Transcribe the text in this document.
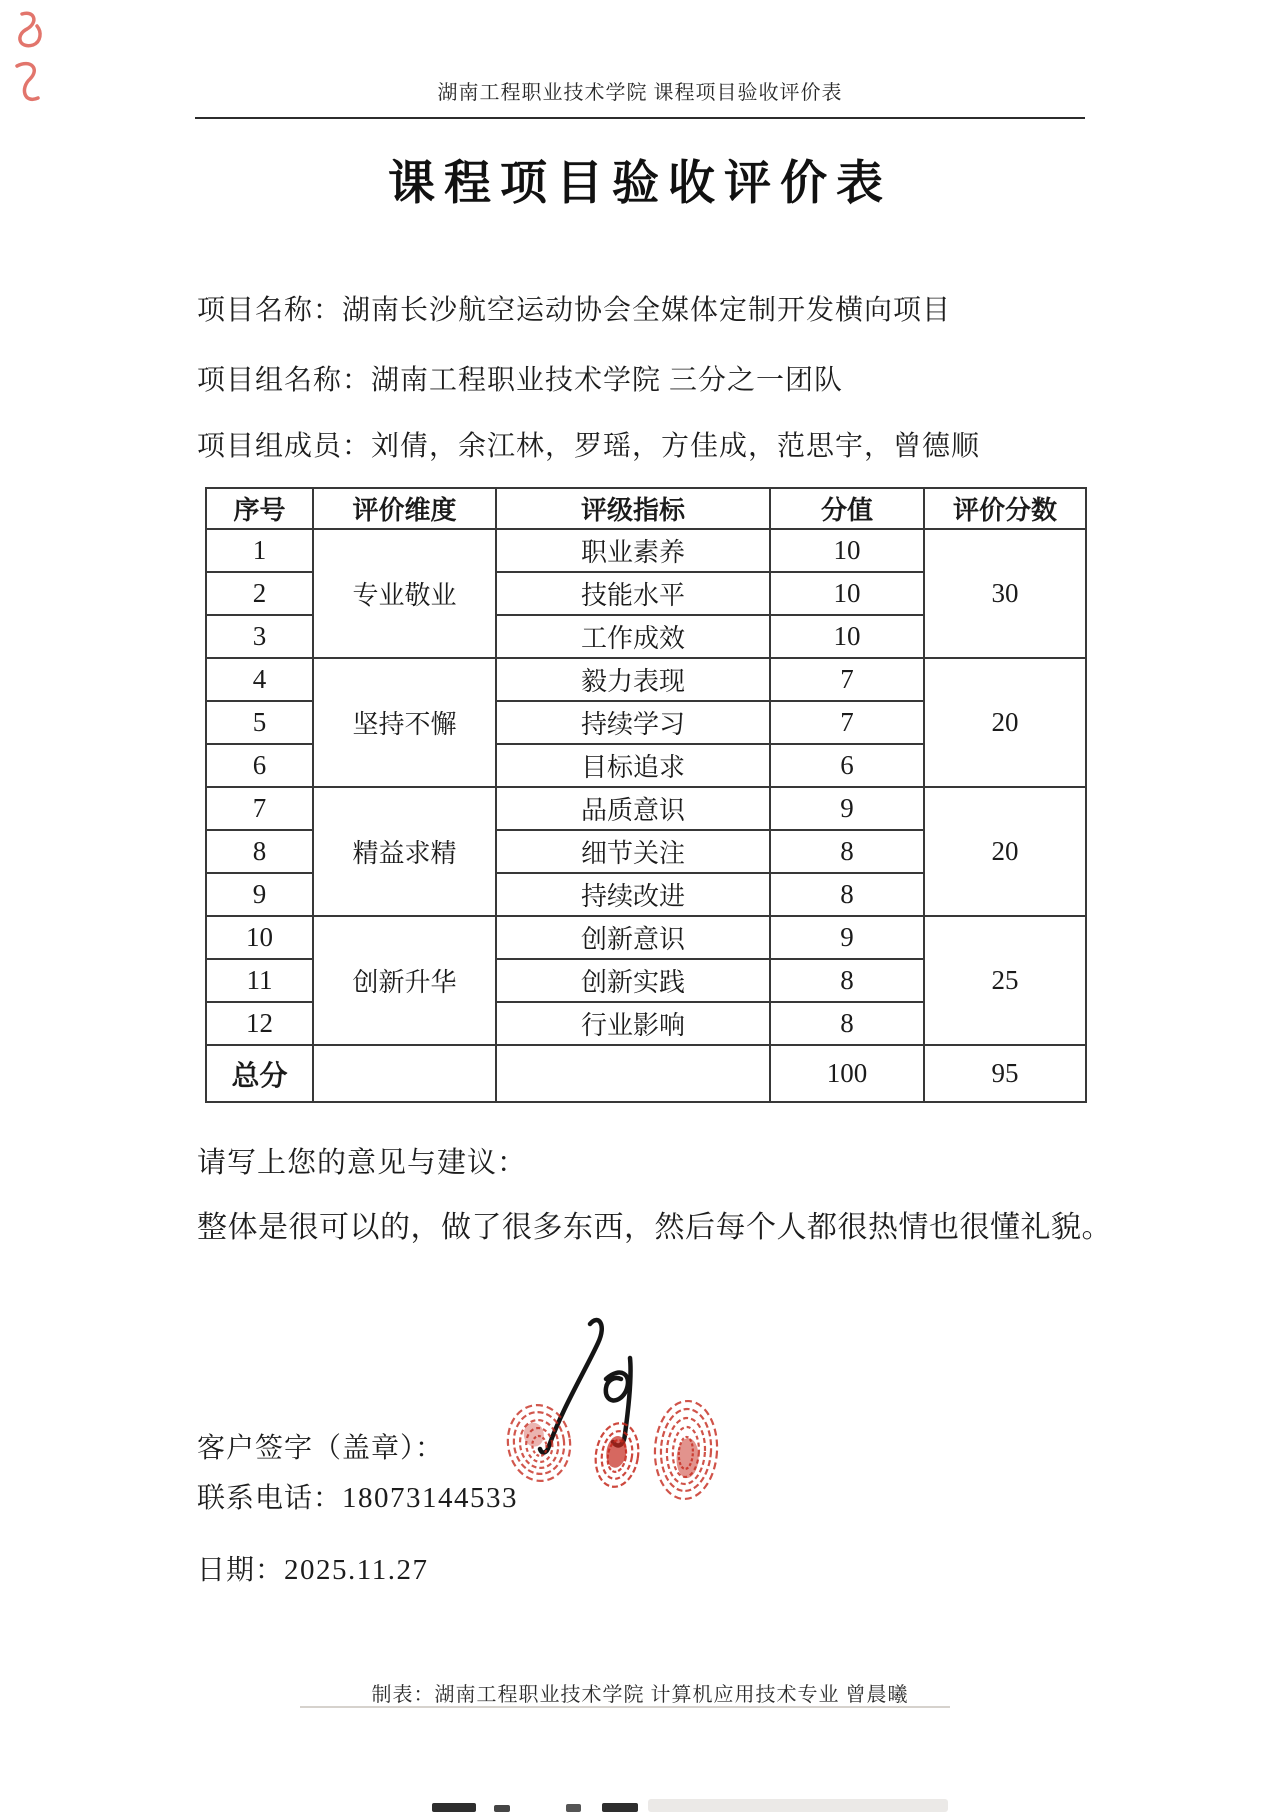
湖南工程职业技术学院 课程项目验收评价表
课程项目验收评价表
项目名称：湖南长沙航空运动协会全媒体定制开发横向项目
项目组名称：湖南工程职业技术学院 三分之一团队
项目组成员：刘倩，余江林，罗瑶，方佳成，范思宇，曾德顺
序号	评价维度	评级指标	分值	评价分数
1	专业敬业	职业素养	10	30
2		技能水平	10	
3		工作成效	10	
4	坚持不懈	毅力表现	7	20
5		持续学习	7	
6		目标追求	6	
7	精益求精	品质意识	9	20
8		细节关注	8	
9		持续改进	8	
10	创新升华	创新意识	9	25
11		创新实践	8	
12		行业影响	8	
总分			100	95
请写上您的意见与建议：
整体是很可以的，做了很多东西，然后每个人都很热情也很懂礼貌。
客户签字（盖章）：
联系电话：18073144533
日期：2025.11.27
制表：湖南工程职业技术学院 计算机应用技术专业 曾晨曦
